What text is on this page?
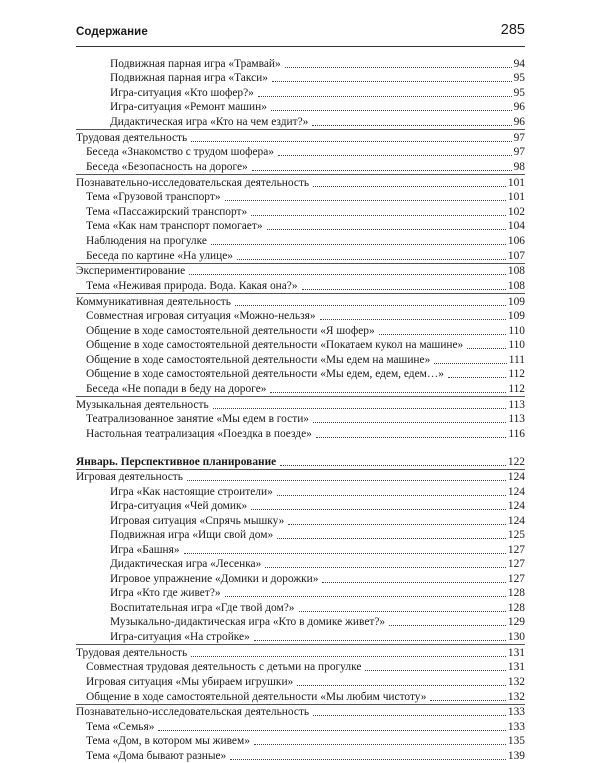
Содержание	285
Подвижная парная игра «Трамвай»	94
Подвижная парная игра «Такси»	95
Игра-ситуация «Кто шофер?»	95
Игра-ситуация «Ремонт машин»	96
Дидактическая игра «Кто на чем ездит?»	96
Трудовая деятельность	97
Беседа «Знакомство с трудом шофера»	97
Беседа «Безопасность на дороге»	98
Познавательно-исследовательская деятельность	101
Тема «Грузовой транспорт»	101
Тема «Пассажирский транспорт»	102
Тема «Как нам транспорт помогает»	104
Наблюдения на прогулке	106
Беседа по картине «На улице»	107
Экспериментирование	108
Тема «Неживая природа. Вода. Какая она?»	108
Коммуникативная деятельность	109
Совместная игровая ситуация «Можно-нельзя»	109
Общение в ходе самостоятельной деятельности «Я шофер»	110
Общение в ходе самостоятельной деятельности «Покатаем кукол на машине»	110
Общение в ходе самостоятельной деятельности «Мы едем на машине»	111
Общение в ходе самостоятельной деятельности «Мы едем, едем, едем…»	112
Беседа «Не попади в беду на дороге»	112
Музыкальная деятельность	113
Театрализованное занятие «Мы едем в гости»	113
Настольная театрализация «Поездка в поезде»	116
Январь. Перспективное планирование	122
Игровая деятельность	124
Игра «Как настоящие строители»	124
Игра-ситуация «Чей домик»	124
Игровая ситуация «Спрячь мышку»	124
Подвижная игра «Ищи свой дом»	125
Игра «Башня»	127
Дидактическая игра «Лесенка»	127
Игровое упражнение «Домики и дорожки»	127
Игра «Кто где живет?»	128
Воспитательная игра «Где твой дом?»	128
Музыкально-дидактическая игра «Кто в домике живет?»	129
Игра-ситуация «На стройке»	130
Трудовая деятельность	131
Совместная трудовая деятельность с детьми на прогулке	131
Игровая ситуация «Мы убираем игрушки»	132
Общение в ходе самостоятельной деятельности «Мы любим чистоту»	132
Познавательно-исследовательская деятельность	133
Тема «Семья»	133
Тема «Дом, в котором мы живем»	135
Тема «Дома бывают разные»	139
